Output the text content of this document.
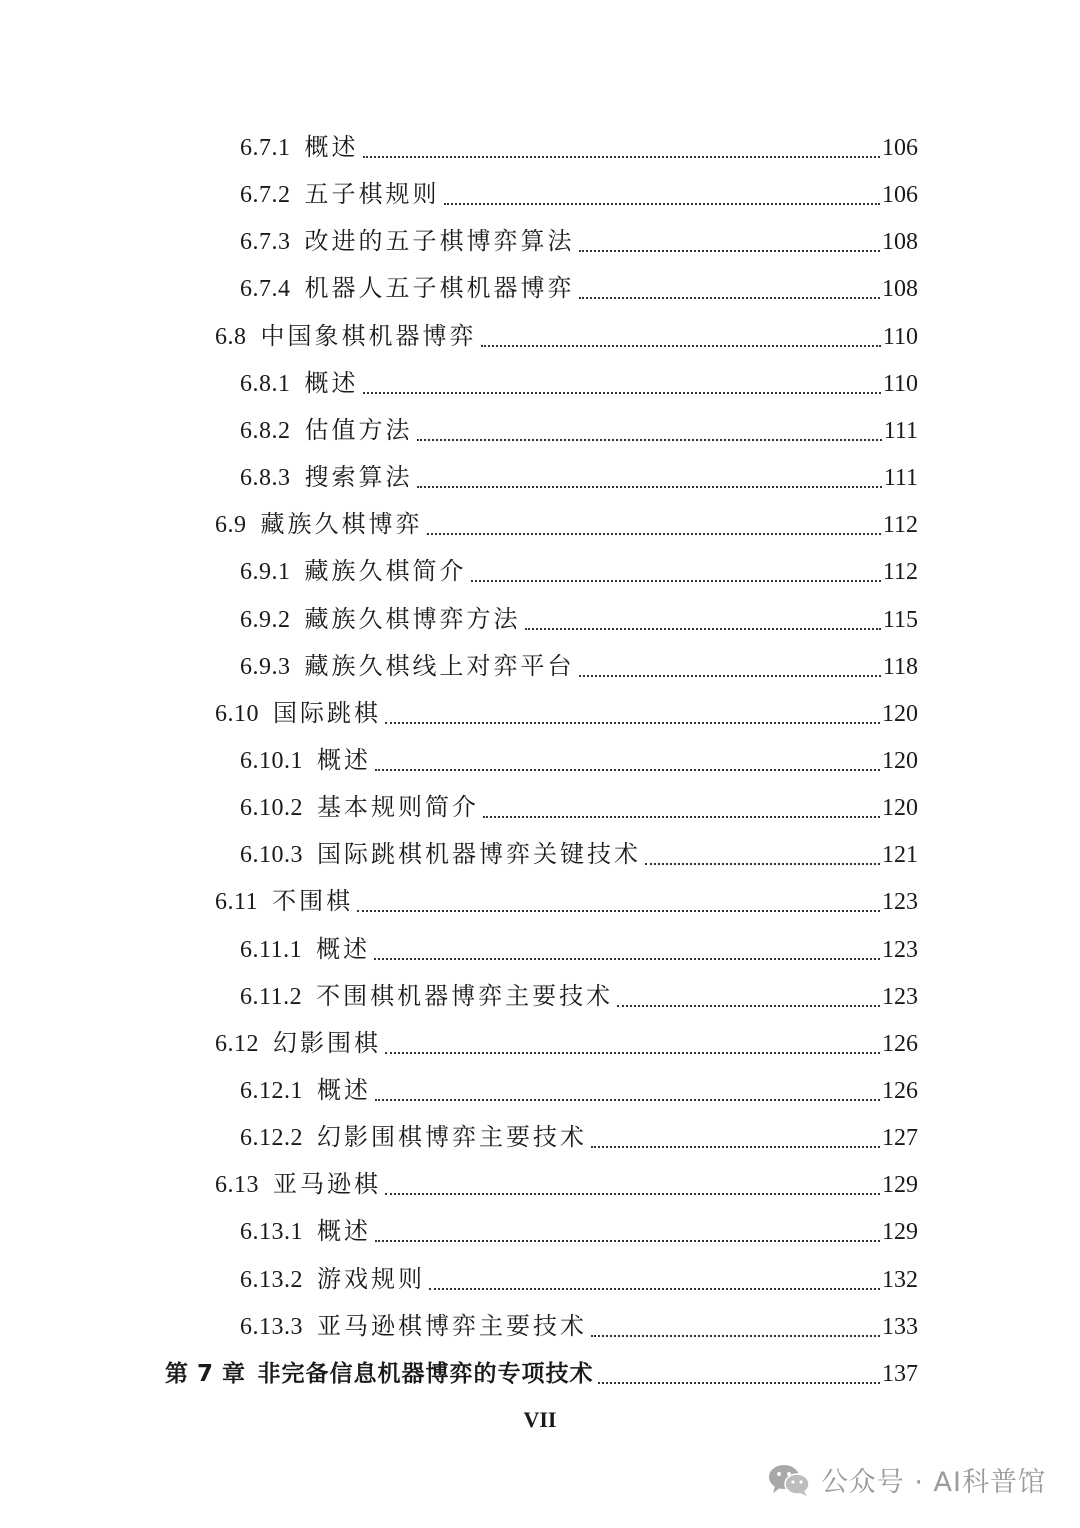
6.7.1 概述	106
6.7.2 五子棋规则	106
6.7.3 改进的五子棋博弈算法	108
6.7.4 机器人五子棋机器博弈	108
6.8 中国象棋机器博弈	110
6.8.1 概述	110
6.8.2 估值方法	111
6.8.3 搜索算法	111
6.9 藏族久棋博弈	112
6.9.1 藏族久棋简介	112
6.9.2 藏族久棋博弈方法	115
6.9.3 藏族久棋线上对弈平台	118
6.10 国际跳棋	120
6.10.1 概述	120
6.10.2 基本规则简介	120
6.10.3 国际跳棋机器博弈关键技术	121
6.11 不围棋	123
6.11.1 概述	123
6.11.2 不围棋机器博弈主要技术	123
6.12 幻影围棋	126
6.12.1 概述	126
6.12.2 幻影围棋博弈主要技术	127
6.13 亚马逊棋	129
6.13.1 概述	129
6.13.2 游戏规则	132
6.13.3 亚马逊棋博弈主要技术	133
第 7 章 非完备信息机器博弈的专项技术	137
VII
公众号 · AI科普馆
